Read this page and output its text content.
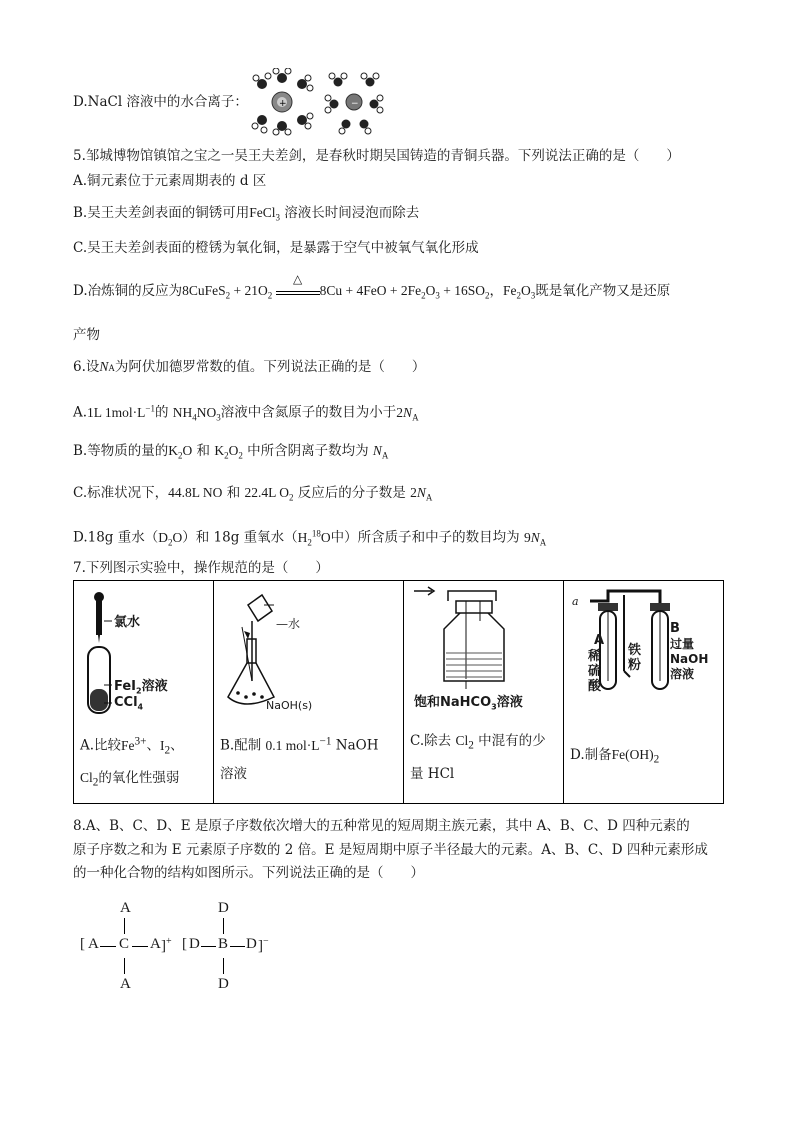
D.NaCl 溶液中的水合离子：	+	−
5.邹城博物馆镇馆之宝之一吴王夫差剑，是春秋时期吴国铸造的青铜兵器。下列说法正确的是（　　）
A.铜元素位于元素周期表的 d 区
B.吴王夫差剑表面的铜锈可用FeCl$_3$ 溶液长时间浸泡而除去
C.吴王夫差剑表面的橙锈为氧化铜，是暴露于空气中被氧气氧化形成
D.冶炼铜的反应为8CuFeS$_2$ + $21O_2$
△
$8Cu + 4FeO + 2Fe_2O_3 + 16SO_2$，$Fe_2O_3$既是氧化产物又是还原
产物
6.设NA为阿伏加德罗常数的值。下列说法正确的是（　　）
A.1L $1mol\cdot L^{-1}$的 $NH_4NO_3$溶液中含氮原子的数目为小于$2N_A$
B.等物质的量的$K_2O$ 和 $K_2O_2$ 中所含阴离子数均为 $N_A$
C.标准状况下，44.8L NO 和 22.4L $O_2$ 反应后的分子数是 $2N_A$
D.18g 重水$(D_2O)$和 18g 重氧水（$H_2^{18}O$中）所含质子和中子的数目均为 $9N_A$
7.下列图示实验中，操作规范的是（　　）
氯水
FeI$_2$溶液
CCl$_4$
A.比较$Fe^{3+}$、$I_2$、
$Cl_2$的氧化性强弱

—水
NaOH(s)
B.配制 0.1 $mol\cdot L^{-1}$ NaOH
溶液

饱和NaHCO$_3$溶液
C.除去 $Cl_2$ 中混有的少
量 HCl

a
A
稀
硫
酸
铁
粉
B
过量
NaOH
溶液
D.制备$Fe(OH)_2$
8.A、B、C、D、E 是原子序数依次增大的五种常见的短周期主族元素，其中 A、B、C、D 四种元素的
原子序数之和为 E 元素原子序数的 2 倍。E 是短周期中原子半径最大的元素。A、B、C、D 四种元素形成
的一种化合物的结构如图所示。下列说法正确的是（　　）
A
[ A C A ]+
A
D
[ D B D ]−
D
